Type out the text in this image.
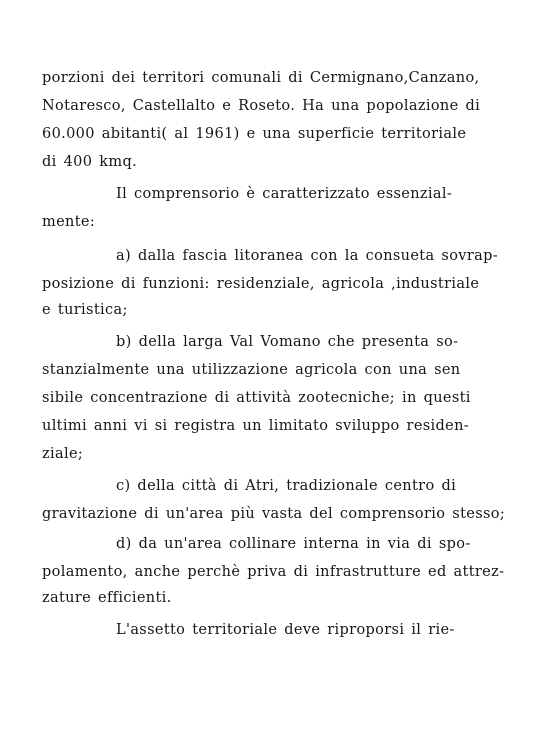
porzioni dei territori comunali di Cermignano,Canzano,

Notaresco, Castellalto e Roseto. Ha una popolazione di

60.000 abitanti( al 1961) e una superficie territoriale

di 400 kmq.

Il comprensorio è caratterizzato essenzial-

mente:

a) dalla fascia litoranea con la consueta sovrap-

posizione di funzioni: residenziale, agricola ,industriale

e turistica;

b) della larga Val Vomano che presenta so-

stanzialmente una utilizzazione agricola con una sen

sibile concentrazione di attività zootecniche; in questi

ultimi anni vi si registra un limitato sviluppo residen-

ziale;

c) della città di Atri, tradizionale centro di

gravitazione di un'area più vasta del comprensorio stesso;

d) da un'area collinare interna in via di spo-

polamento, anche perchè priva di infrastrutture ed attrez-

zature efficienti.

L'assetto territoriale deve riproporsi il rie-
